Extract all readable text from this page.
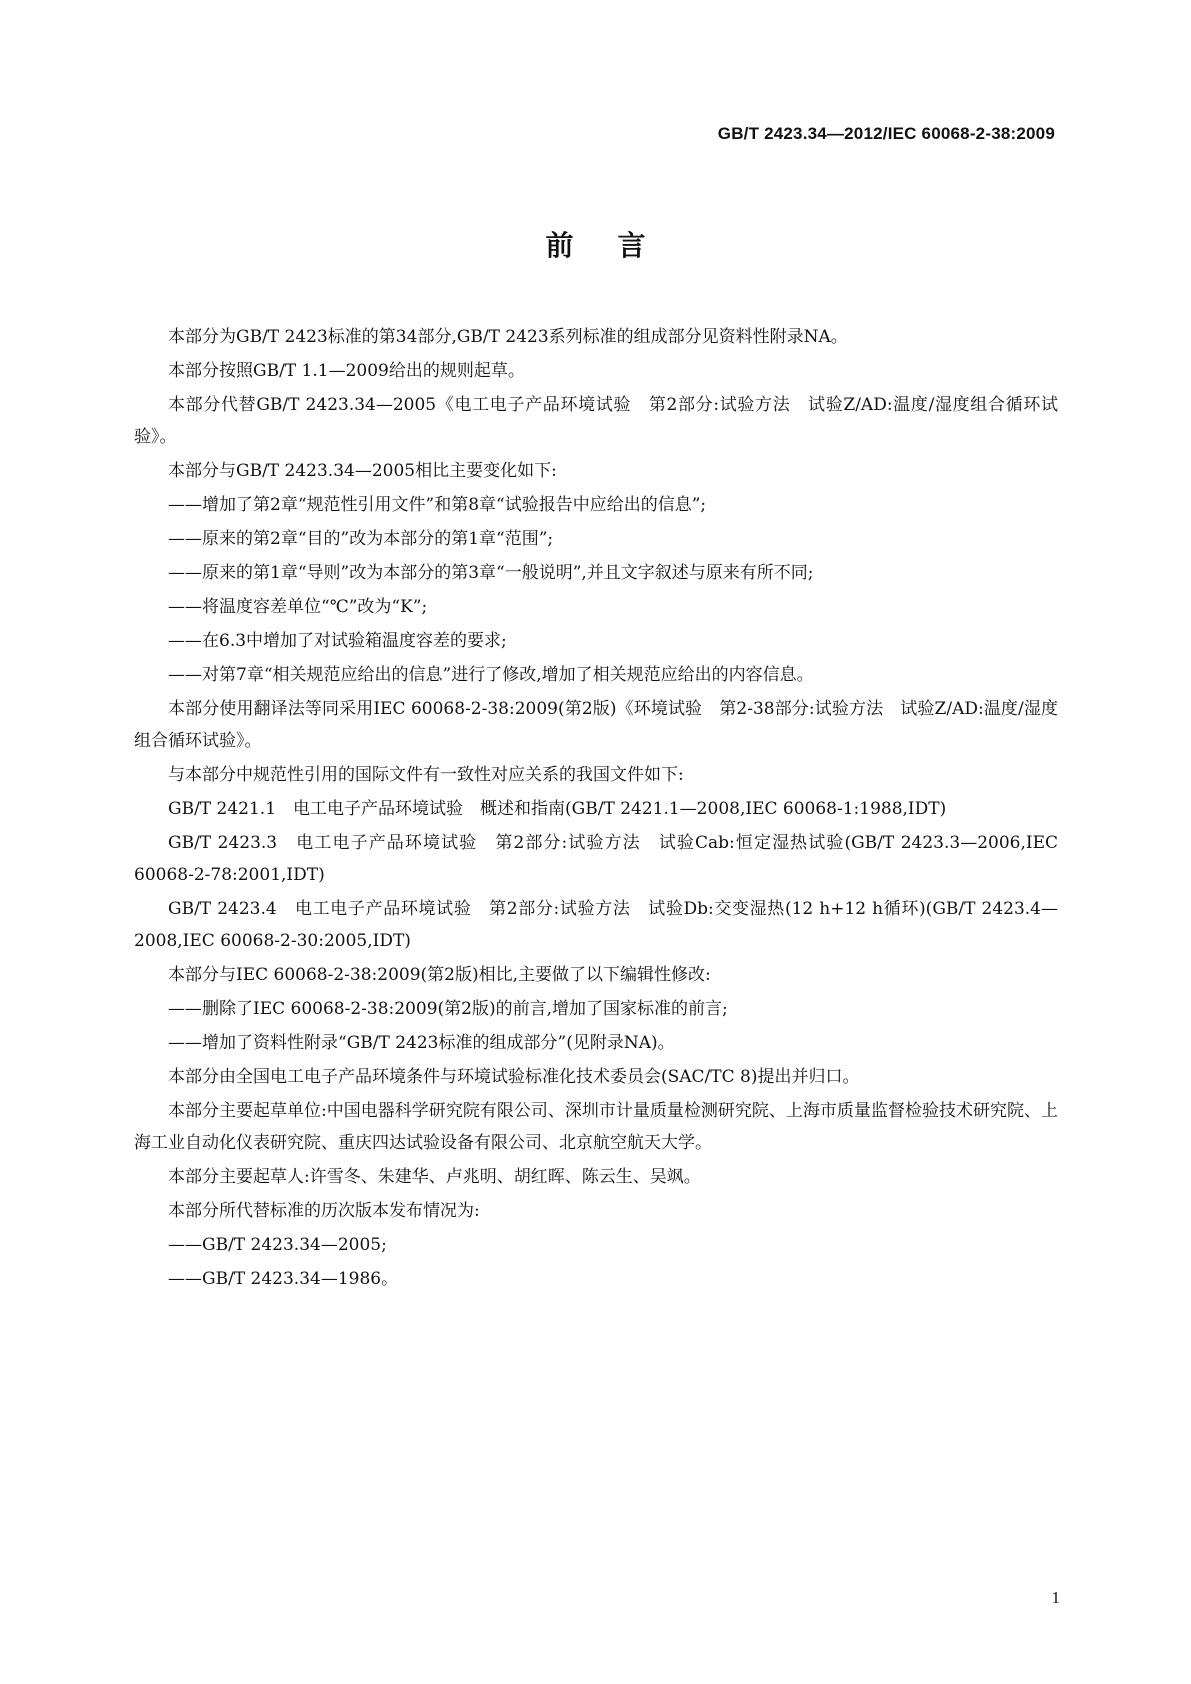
GB/T 2423.34—2012/IEC 60068-2-38:2009
前言

本部分为GB/T 2423标准的第34部分,GB/T 2423系列标准的组成部分见资料性附录NA。

本部分按照GB/T 1.1—2009给出的规则起草。

本部分代替GB/T 2423.34—2005《电工电子产品环境试验　第2部分:试验方法　试验Z/AD:温度/湿度组合循环试验》。

本部分与GB/T 2423.34—2005相比主要变化如下:

——增加了第2章“规范性引用文件”和第8章“试验报告中应给出的信息”;

——原来的第2章“目的”改为本部分的第1章“范围”;

——原来的第1章“导则”改为本部分的第3章“一般说明”,并且文字叙述与原来有所不同;

——将温度容差单位“℃”改为“K”;

——在6.3中增加了对试验箱温度容差的要求;

——对第7章“相关规范应给出的信息”进行了修改,增加了相关规范应给出的内容信息。

本部分使用翻译法等同采用IEC 60068-2-38:2009(第2版)《环境试验　第2-38部分:试验方法　试验Z/AD:温度/湿度组合循环试验》。

与本部分中规范性引用的国际文件有一致性对应关系的我国文件如下:

GB/T 2421.1　电工电子产品环境试验　概述和指南(GB/T 2421.1—2008,IEC 60068-1:1988,IDT)

GB/T 2423.3　电工电子产品环境试验　第2部分:试验方法　试验Cab:恒定湿热试验(GB/T 2423.3—2006,IEC 60068-2-78:2001,IDT)

GB/T 2423.4　电工电子产品环境试验　第2部分:试验方法　试验Db:交变湿热(12 h+12 h循环)(GB/T 2423.4—2008,IEC 60068-2-30:2005,IDT)

本部分与IEC 60068-2-38:2009(第2版)相比,主要做了以下编辑性修改:

——删除了IEC 60068-2-38:2009(第2版)的前言,增加了国家标准的前言;

——增加了资料性附录“GB/T 2423标准的组成部分”(见附录NA)。

本部分由全国电工电子产品环境条件与环境试验标准化技术委员会(SAC/TC 8)提出并归口。

本部分主要起草单位:中国电器科学研究院有限公司、深圳市计量质量检测研究院、上海市质量监督检验技术研究院、上海工业自动化仪表研究院、重庆四达试验设备有限公司、北京航空航天大学。

本部分主要起草人:许雪冬、朱建华、卢兆明、胡红晖、陈云生、吴飒。

本部分所代替标准的历次版本发布情况为:

——GB/T 2423.34—2005;

——GB/T 2423.34—1986。

1
